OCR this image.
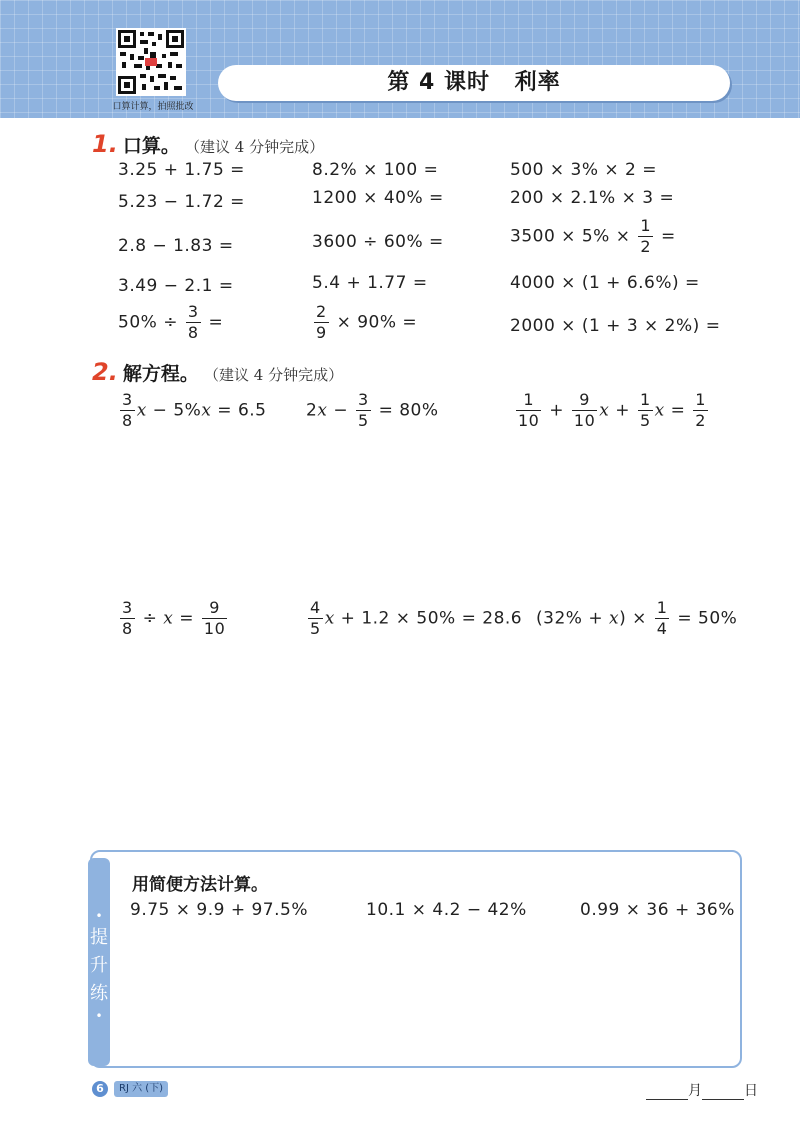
口算计算，拍照批改
第 4 课时 利率
1. 口算。 （建议 4 分钟完成）
3.25 + 1.75 =	8.2% × 100 =	500 × 3% × 2 =
5.23 − 1.72 =	1200 × 40% =	200 × 2.1% × 3 =
2.8 − 1.83 =	3600 ÷ 60% =	$3500 \times 5\% \times \frac{1}{2}$ =
3.49 − 2.1 =	5.4 + 1.77 =	4000 × (1 + 6.6%) =
$50\% \div \frac{3}{8}$ =	$\frac{2}{9} \times 90\%$ =	2000 × (1 + 3 × 2%) =
2. 解方程。 （建议 4 分钟完成）
$\frac{3}{8}$ x − 5%x = 6.5 $2x - \frac{3}{5} = 80\%$	$\frac{1}{10} + \frac{9}{10}$ $x + \frac{1}{5}$ $x = \frac{1}{2}$
$\frac{3}{8} \div x = \frac{9}{10}$	$\frac{4}{5}$ x + 1.2 × 50% = 28.6 $(32\% + x) \times \frac{1}{4} = 50\%$
•
提
升
练
•
用简便方法计算。
9.75 × 9.9 + 97.5%	10.1 × 4.2 − 42%	0.99 × 36 + 36%
6	RJ 六 (下)	月	日
